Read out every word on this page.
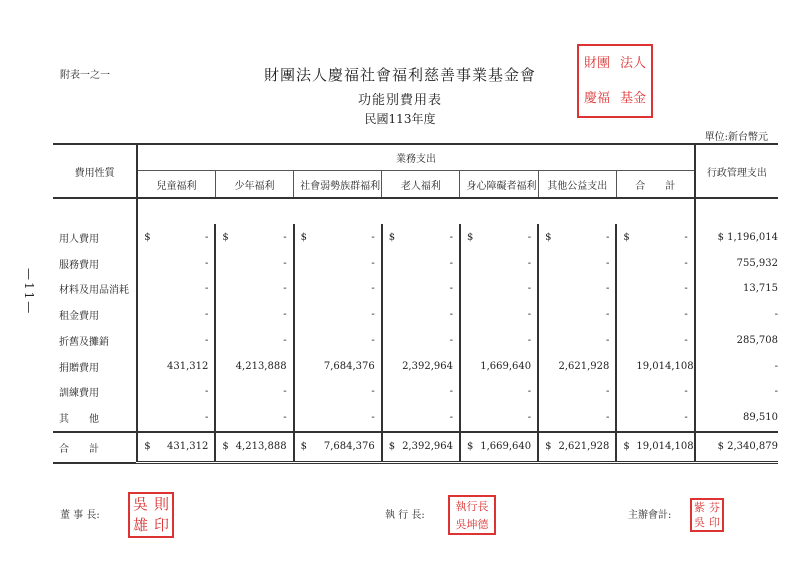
附表一之一	財團法人慶福社會福利慈善事業基金會
功能別費用表
民國113年度
單位:新台幣元
財團 法人
慶福 基金
—11—
費用性質	業務支出														行政管理支出
	兒童福利		少年福利		社會弱勢族群福利		老人福利		身心障礙者福利		其他公益支出		合　　計		

用人費用	$	-	$	-	$	-	$	-	$	-	$	-	$	-	$ 1,196,014
服務費用		-		-		-		-		-		-		-	755,932
材料及用品消耗		-		-		-		-		-		-		-	13,715
租金費用		-		-		-		-		-		-		-	-
折舊及攤銷		-		-		-		-		-		-		-	285,708
捐贈費用		431,312		4,213,888		7,684,376		2,392,964		1,669,640		2,621,928		19,014,108	-
訓練費用		-		-		-		-		-		-		-	-
其　　他		-		-		-		-		-		-		-	89,510
合　　計	$	431,312	$	4,213,888	$	7,684,376	$	2,392,964	$	1,669,640	$	2,621,928	$	19,014,108	$ 2,340,879
董 事 長:
吳 則
雄 印
執 行 長:
執行長
吳坤德
主辦會計:
紫 芬
吳 印
